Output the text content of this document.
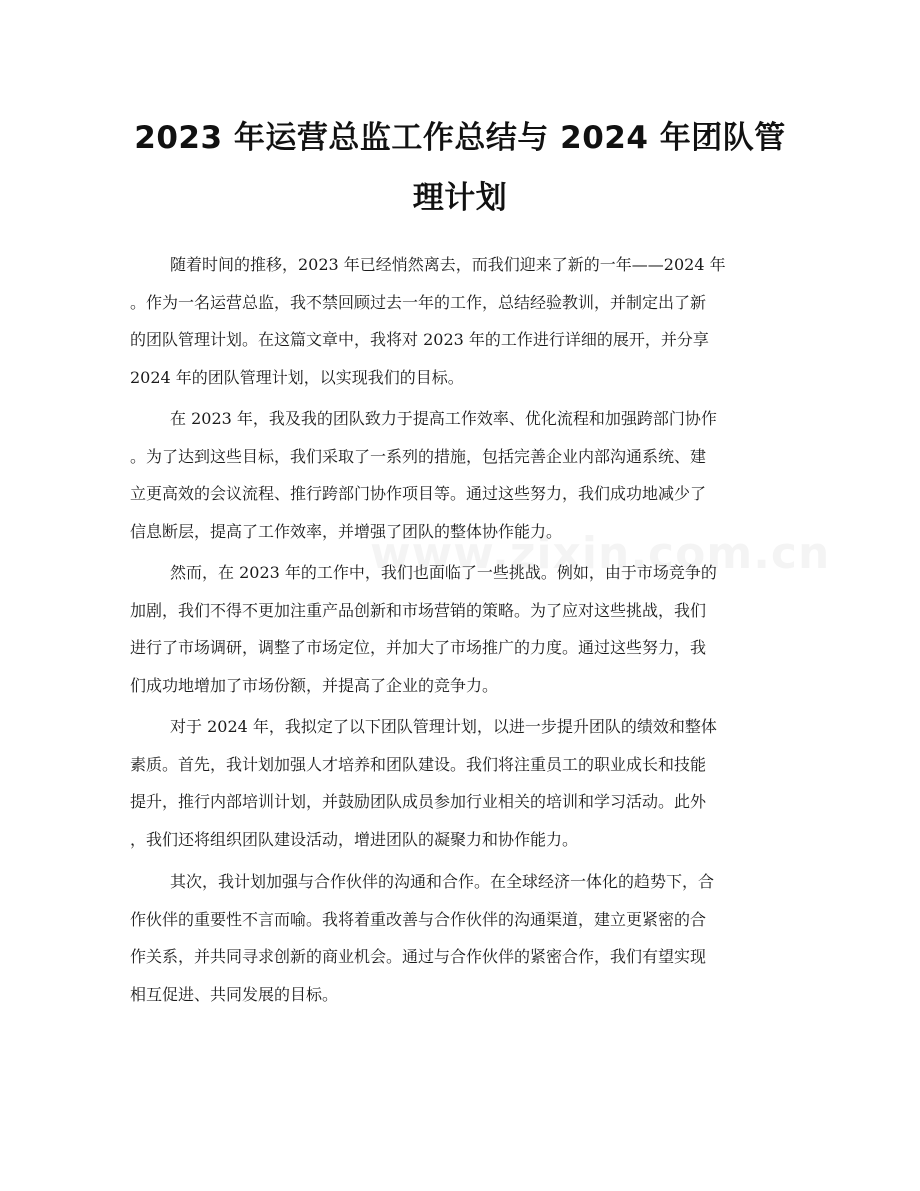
2023 年运营总监工作总结与 2024 年团队管
理计划
随着时间的推移，2023 年已经悄然离去，而我们迎来了新的一年——2024 年
。作为一名运营总监，我不禁回顾过去一年的工作，总结经验教训，并制定出了新
的团队管理计划。在这篇文章中，我将对 2023 年的工作进行详细的展开，并分享
2024 年的团队管理计划，以实现我们的目标。
在 2023 年，我及我的团队致力于提高工作效率、优化流程和加强跨部门协作
。为了达到这些目标，我们采取了一系列的措施，包括完善企业内部沟通系统、建
立更高效的会议流程、推行跨部门协作项目等。通过这些努力，我们成功地减少了
信息断层，提高了工作效率，并增强了团队的整体协作能力。
然而，在 2023 年的工作中，我们也面临了一些挑战。例如，由于市场竞争的
加剧，我们不得不更加注重产品创新和市场营销的策略。为了应对这些挑战，我们
进行了市场调研，调整了市场定位，并加大了市场推广的力度。通过这些努力，我
们成功地增加了市场份额，并提高了企业的竞争力。
对于 2024 年，我拟定了以下团队管理计划，以进一步提升团队的绩效和整体
素质。首先，我计划加强人才培养和团队建设。我们将注重员工的职业成长和技能
提升，推行内部培训计划，并鼓励团队成员参加行业相关的培训和学习活动。此外
，我们还将组织团队建设活动，增进团队的凝聚力和协作能力。
其次，我计划加强与合作伙伴的沟通和合作。在全球经济一体化的趋势下，合
作伙伴的重要性不言而喻。我将着重改善与合作伙伴的沟通渠道，建立更紧密的合
作关系，并共同寻求创新的商业机会。通过与合作伙伴的紧密合作，我们有望实现
相互促进、共同发展的目标。
